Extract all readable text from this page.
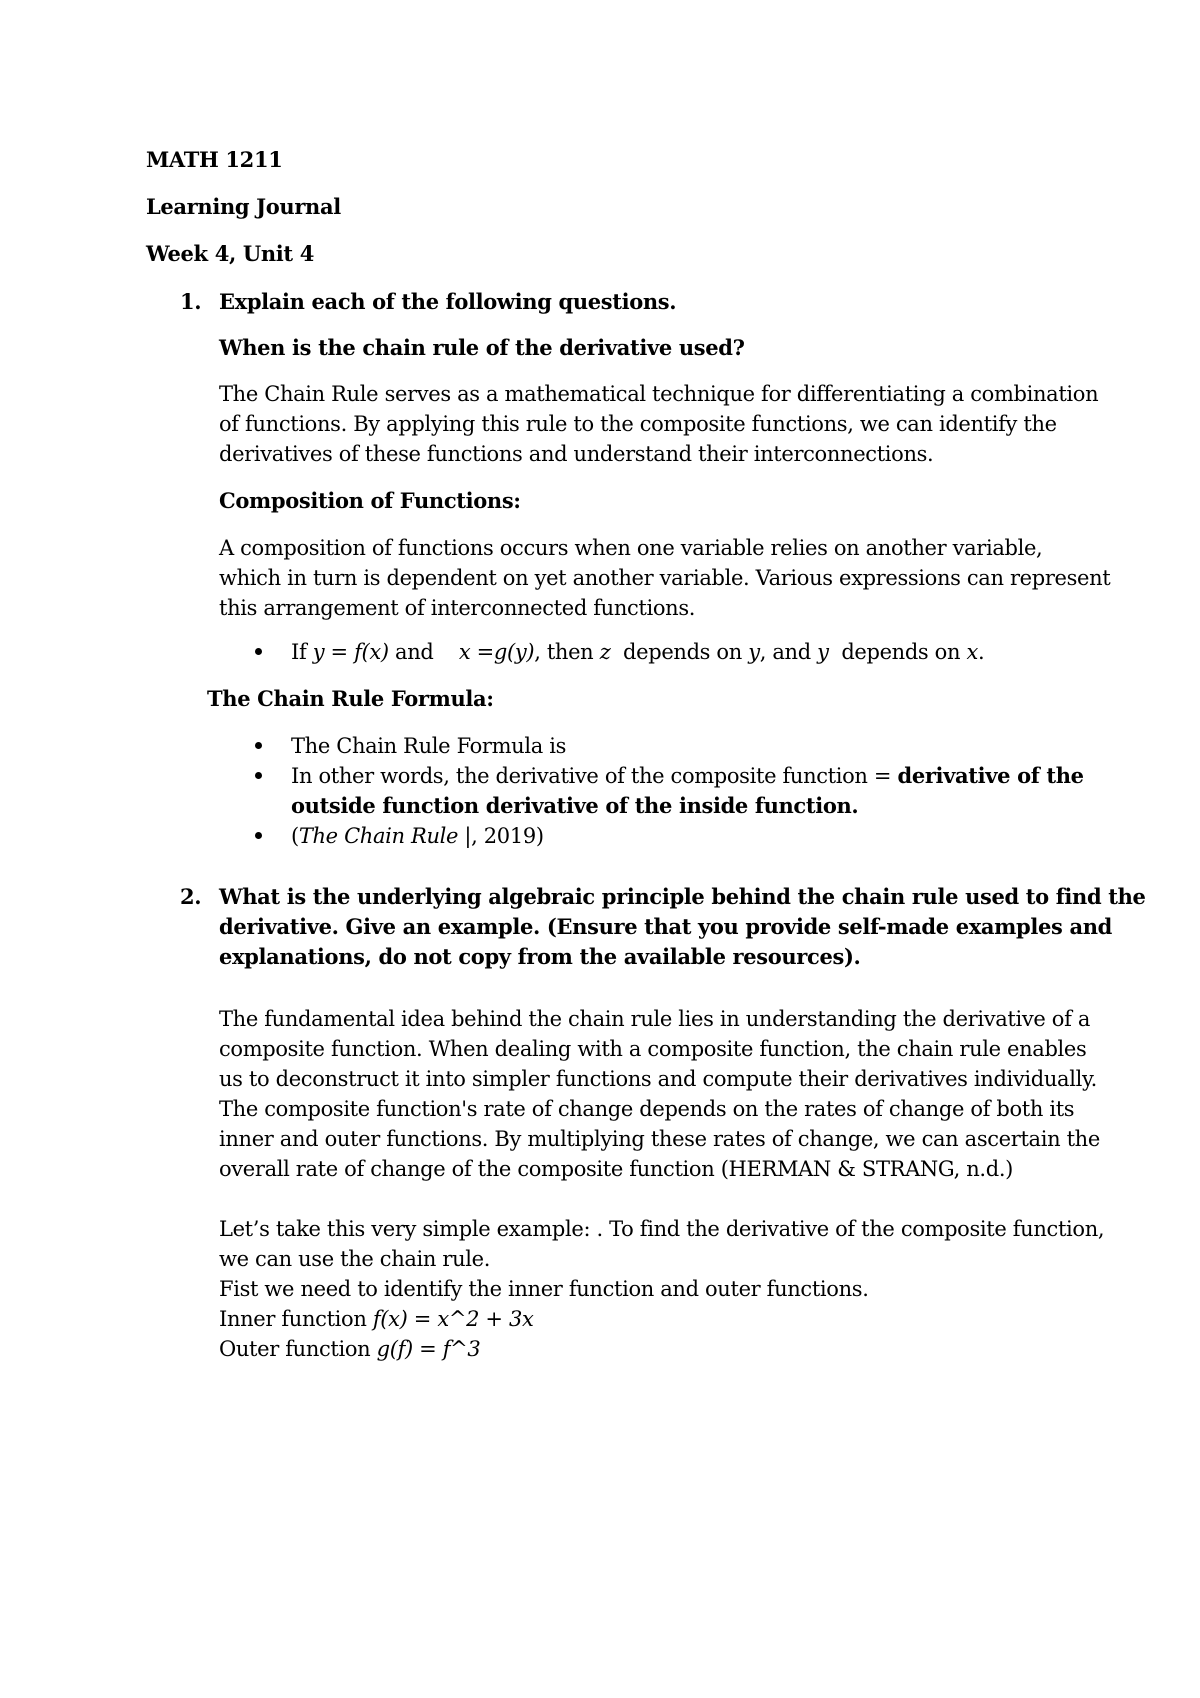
MATH 1211
Learning Journal
Week 4, Unit 4
1. Explain each of the following questions.
When is the chain rule of the derivative used?
The Chain Rule serves as a mathematical technique for differentiating a combination
of functions. By applying this rule to the composite functions, we can identify the
derivatives of these functions and understand their interconnections.
Composition of Functions:
A composition of functions occurs when one variable relies on another variable,
which in turn is dependent on yet another variable. Various expressions can represent
this arrangement of interconnected functions.
If y = f(x) and    x =g(y), then z  depends on y, and y  depends on x.
The Chain Rule Formula:
The Chain Rule Formula is
In other words, the derivative of the composite function = derivative of the
outside function derivative of the inside function.
(The Chain Rule |, 2019)
2. What is the underlying algebraic principle behind the chain rule used to find the
derivative. Give an example. (Ensure that you provide self-made examples and
explanations, do not copy from the available resources).
The fundamental idea behind the chain rule lies in understanding the derivative of a
composite function. When dealing with a composite function, the chain rule enables
us to deconstruct it into simpler functions and compute their derivatives individually.
The composite function's rate of change depends on the rates of change of both its
inner and outer functions. By multiplying these rates of change, we can ascertain the
overall rate of change of the composite function (HERMAN & STRANG, n.d.)
Let’s take this very simple example: . To find the derivative of the composite function,
we can use the chain rule.
Fist we need to identify the inner function and outer functions.
Inner function f(x) = x^2 + 3x
Outer function g(f) = f^3
